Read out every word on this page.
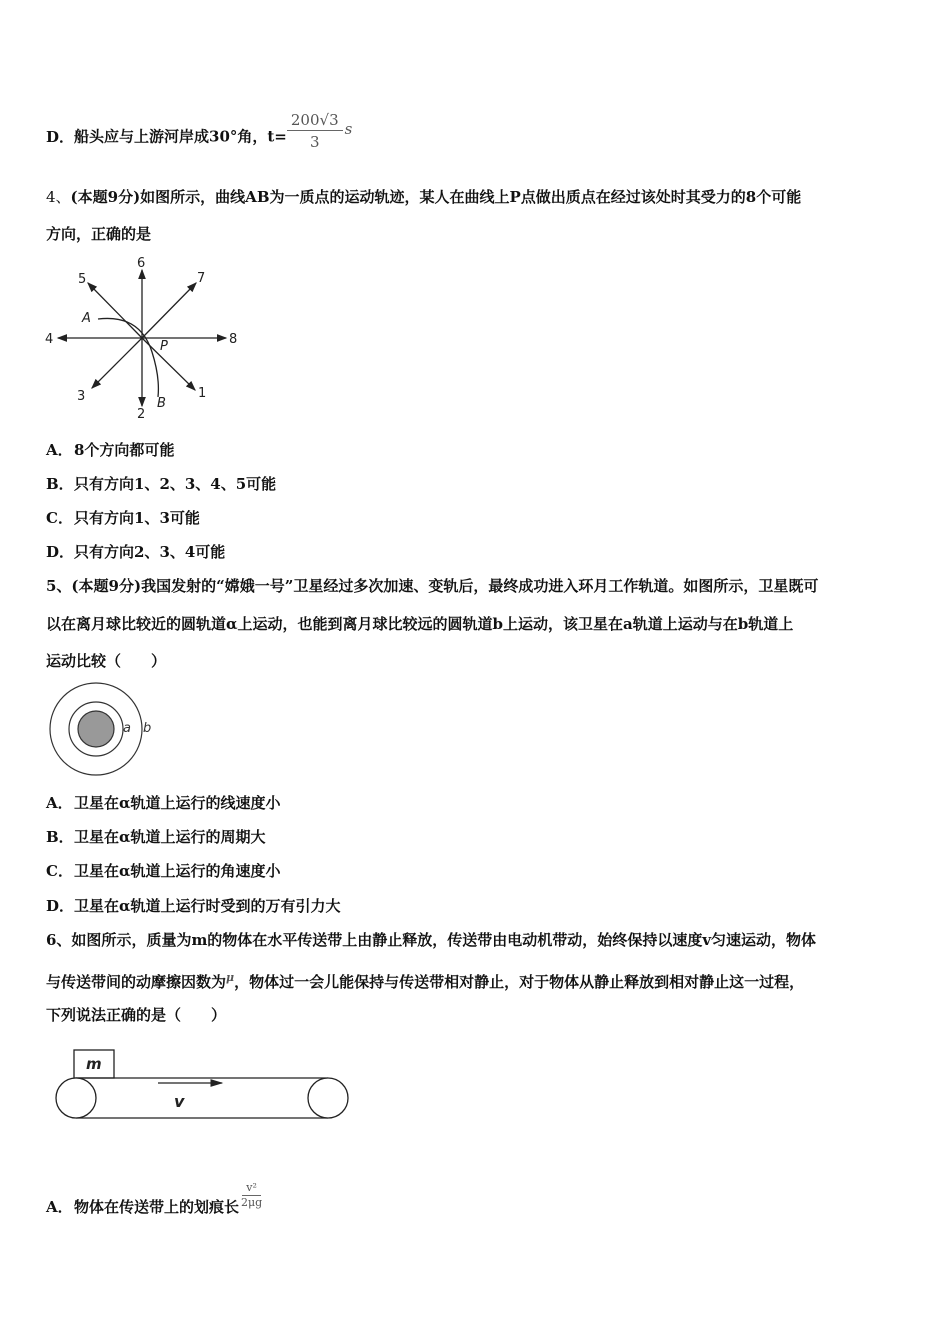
D．船头应与上游河岸成30°角，$t= \frac{200√3}{3}$ s
4、(本题9分)如图所示，曲线AB为一质点的运动轨迹，某人在曲线上P点做出质点在经过该处时其受力的8个可能
方向，正确的是
6
7
5
4	8
3	1
2
A
B
P
A．8个方向都可能
B．只有方向1、2、3、4、5可能
C．只有方向1、3可能
D．只有方向2、3、4可能
5、(本题9分)我国发射的“嫦娥一号”卫星经过多次加速、变轨后，最终成功进入环月工作轨道。如图所示，卫星既可
以在离月球比较近的圆轨道α上运动，也能到离月球比较远的圆轨道b上运动，该卫星在a轨道上运动与在b轨道上
运动比较（　　）
a b
A．卫星在α轨道上运行的线速度小
B．卫星在α轨道上运行的周期大
C．卫星在α轨道上运行的角速度小
D．卫星在α轨道上运行时受到的万有引力大
6、如图所示，质量为m的物体在水平传送带上由静止释放，传送带由电动机带动，始终保持以速度v匀速运动，物体
与传送带间的动摩擦因数为$^\mu$，物体过一会儿能保持与传送带相对静止，对于物体从静止释放到相对静止这一过程，
下列说法正确的是（　　）
m
v
A．物体在传送带上的划痕长 $\frac{\text{v²}}{2\mu g}$
